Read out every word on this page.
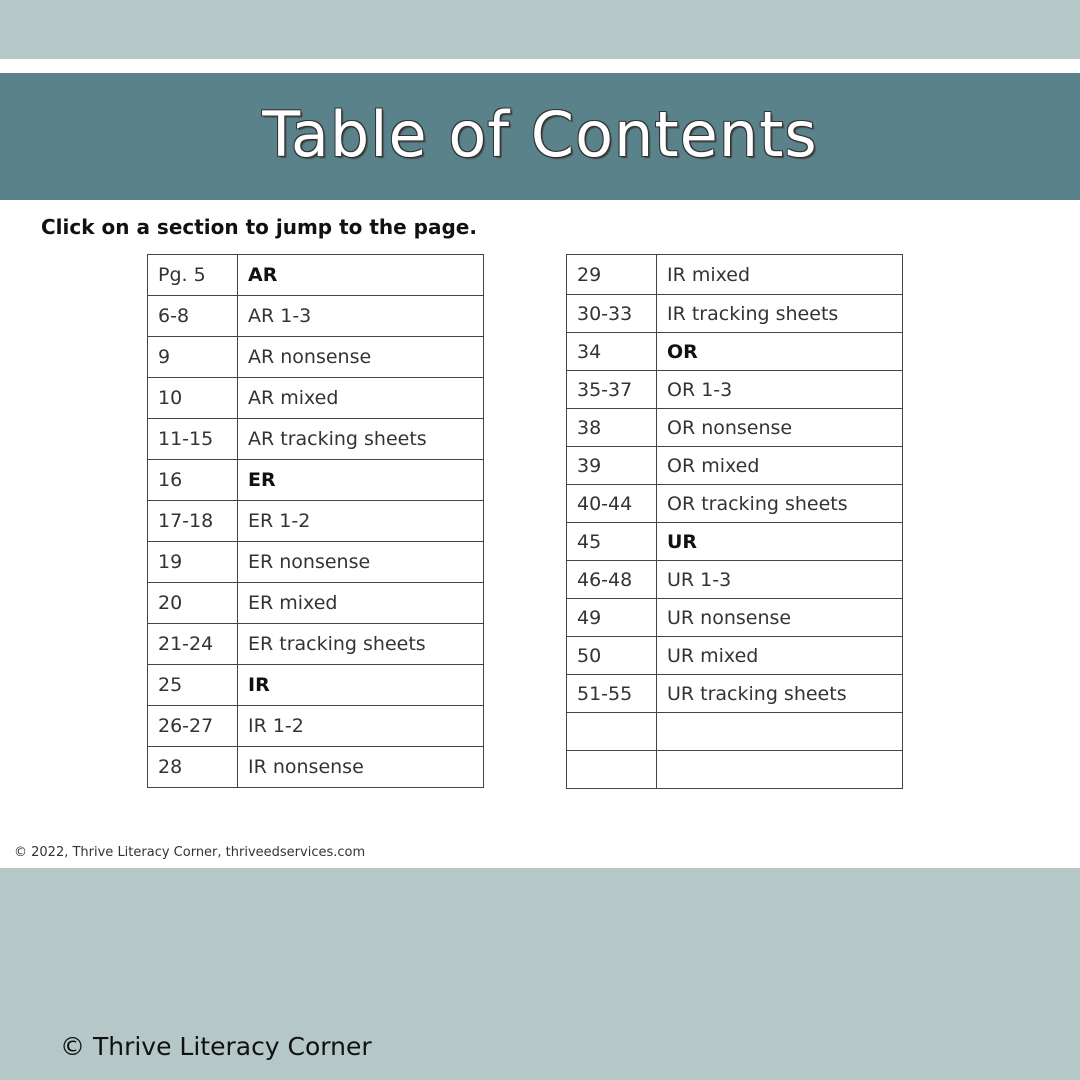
Table of Contents
Click on a section to jump to the page.
Pg. 5	AR
6-8	AR 1-3
9	AR nonsense
10	AR mixed
11-15	AR tracking sheets
16	ER
17-18	ER 1-2
19	ER nonsense
20	ER mixed
21-24	ER tracking sheets
25	IR
26-27	IR 1-2
28	IR nonsense
29	IR mixed
30-33	IR tracking sheets
34	OR
35-37	OR 1-3
38	OR nonsense
39	OR mixed
40-44	OR tracking sheets
45	UR
46-48	UR 1-3
49	UR nonsense
50	UR mixed
51-55	UR tracking sheets

© 2022, Thrive Literacy Corner, thriveedservices.com
© Thrive Literacy Corner
